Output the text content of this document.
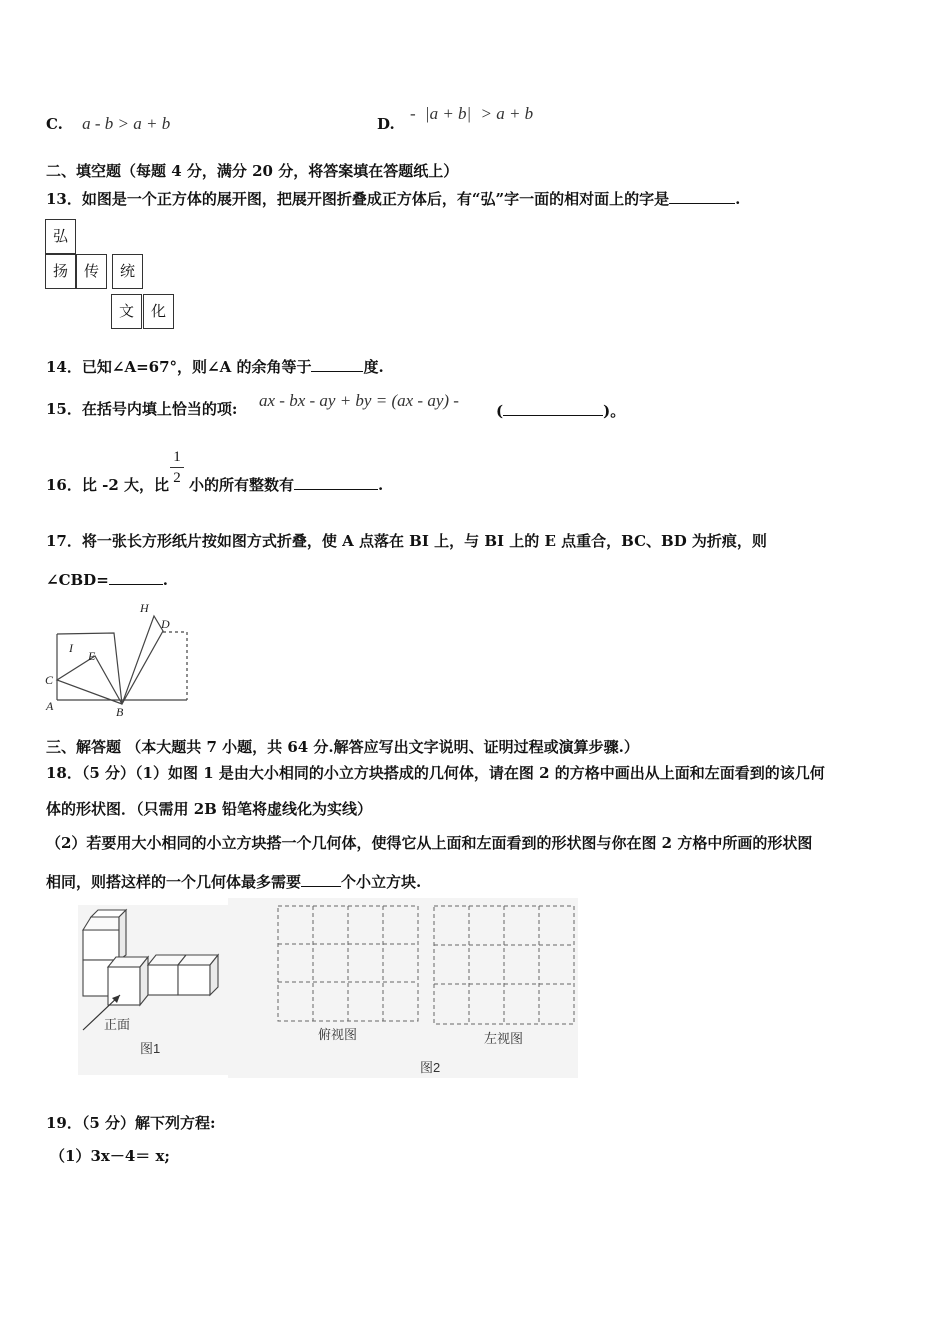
C. a - b > a + b	D.
- |a + b| > a + b
二、填空题（每题 4 分，满分 20 分，将答案填在答题纸上）
13．如图是一个正方体的展开图，把展开图折叠成正方体后，有“弘”字一面的相对面上的字是	.
弘
扬	传	统
文	化
14．已知∠A=67°，则∠A 的余角等于	度.
15．在括号内填上恰当的项: ax - bx - ay + by = (ax - ay) -
(	)。
16．比 -2 大，比 小的所有整数有	.
1
2
17．将一张长方形纸片按如图方式折叠，使 A 点落在 BI 上，与 BI 上的 E 点重合，BC、BD 为折痕，则
∠CBD=	.
H
D
I
E
C
A	B
三、解答题 （本大题共 7 小题，共 64 分.解答应写出文字说明、证明过程或演算步骤.）
18．（5 分）（1）如图 1 是由大小相同的小立方块搭成的几何体，请在图 2 的方格中画出从上面和左面看到的该几何
体的形状图．（只需用 2B 铅笔将虚线化为实线）
（2）若要用大小相同的小立方块搭一个几何体，使得它从上面和左面看到的形状图与你在图 2 方格中所画的形状图
相同，则搭这样的一个几何体最多需要	个小立方块.
正面
图1
俯视图	左视图
图2
19．（5 分）解下列方程:
（1）3x－4＝ x;
